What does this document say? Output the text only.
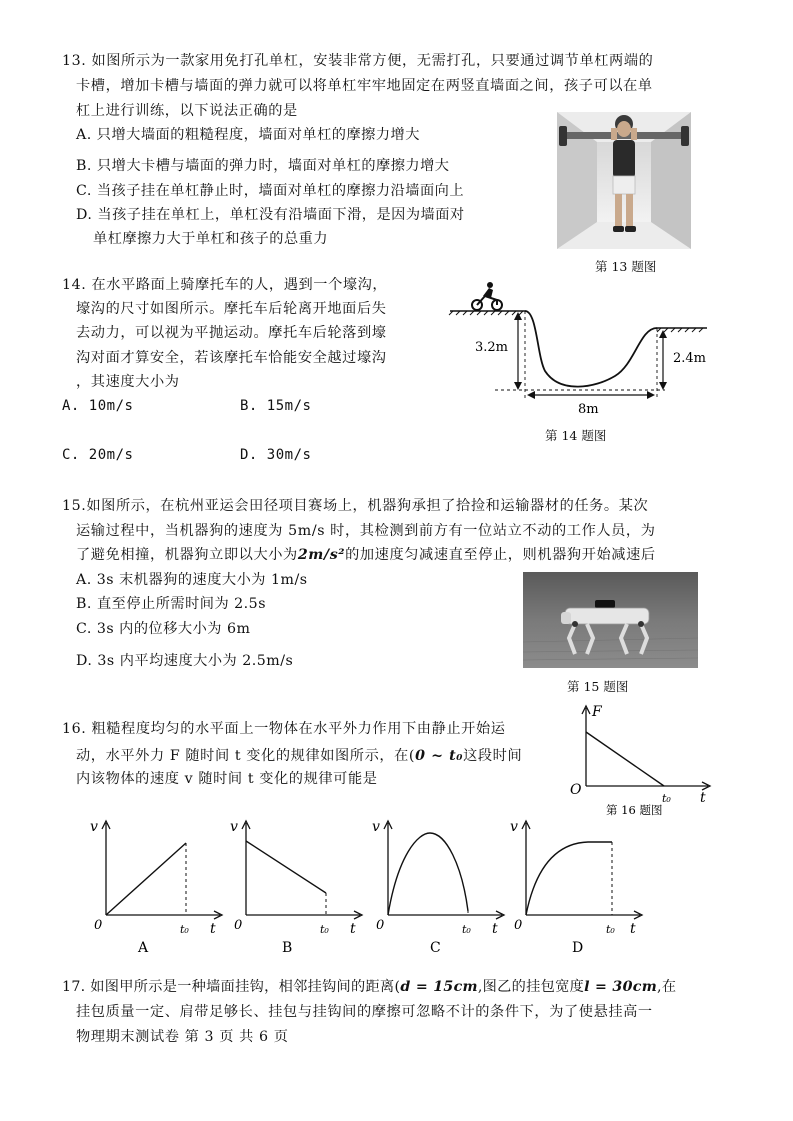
13. 如图所示为一款家用免打孔单杠，安装非常方便，无需打孔，只要通过调节单杠两端的
卡槽，增加卡槽与墙面的弹力就可以将单杠牢牢地固定在两竖直墙面之间，孩子可以在单
杠上进行训练，以下说法正确的是
A. 只增大墙面的粗糙程度，墙面对单杠的摩擦力增大
B. 只增大卡槽与墙面的弹力时，墙面对单杠的摩擦力增大
C. 当孩子挂在单杠静止时，墙面对单杠的摩擦力沿墙面向上
D. 当孩子挂在单杠上，单杠没有沿墙面下滑，是因为墙面对
单杠摩擦力大于单杠和孩子的总重力
第 13 题图
14. 在水平路面上骑摩托车的人，遇到一个壕沟，
壕沟的尺寸如图所示。摩托车后轮离开地面后失
去动力，可以视为平抛运动。摩托车后轮落到壕
沟对面才算安全，若该摩托车恰能安全越过壕沟
，其速度大小为
A. 10m/s	B. 15m/s
C. 20m/s	D. 30m/s
3.2m
2.4m
8m
第 14 题图
15.如图所示，在杭州亚运会田径项目赛场上，机器狗承担了拾捡和运输器材的任务。某次
运输过程中，当机器狗的速度为 5m/s 时，其检测到前方有一位站立不动的工作人员，为
了避免相撞，机器狗立即以大小为2m/s²的加速度匀减速直至停止，则机器狗开始减速后
A. 3s 末机器狗的速度大小为 1m/s
B. 直至停止所需时间为 2.5s
C. 3s 内的位移大小为 6m
D. 3s 内平均速度大小为 2.5m/s
第 15 题图
16. 粗糙程度均匀的水平面上一物体在水平外力作用下由静止开始运
动，水平外力 F 随时间 t 变化的规律如图所示，在(0 ~ t₀这段时间
内该物体的速度 v 随时间 t 变化的规律可能是
F
O	t
t₀
第 16 题图
v
0	t
t₀
A
v
0	t
t₀
B
v
0	t
t₀
C
v
0	t
t₀
D
17. 如图甲所示是一种墙面挂钩，相邻挂钩间的距离(d = 15cm,图乙的挂包宽度l = 30cm,在
挂包质量一定、肩带足够长、挂包与挂钩间的摩擦可忽略不计的条件下，为了使悬挂高一
物理期末测试卷 第 3 页 共 6 页
